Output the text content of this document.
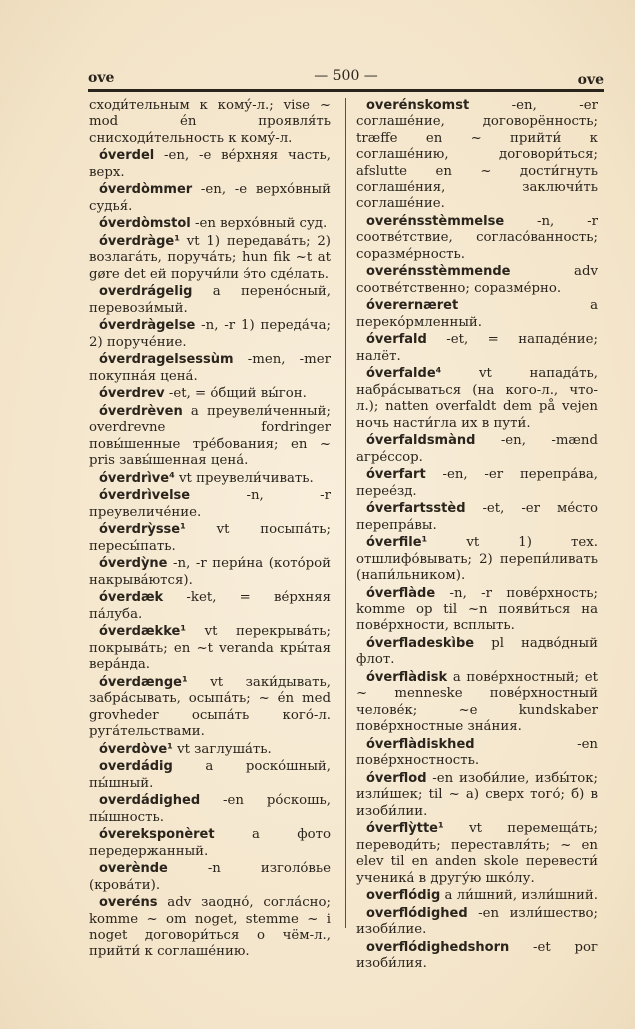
ove	— 500 —	ove

сходи́тельным к кому́-л.; vise ~ mod én проявля́ть снисходи́тельность к кому́-л.

óverdel -en, -e ве́рхняя часть, верх.

óverdòmmer -en, -e верхо́вный судья́.

óverdòmstol -en верхо́вный суд.

óverdràge¹ vt 1) передава́ть; 2) возлага́ть, поруча́ть; hun fik ~t at gøre det ей поручи́ли э́то сде́лать.

overdrágelig a перено́сный, перевози́мый.

óverdràgelse -n, -r 1) переда́ча; 2) поруче́ние.

óverdragelsessùm -men, -mer покупна́я цена́.

óverdrev -et, = о́бщий вы́гон.

óverdrèven a преувели́ченный; overdrevne fordringer повы́шенные тре́бования; en ~ pris завы́шенная цена́.

óverdrìve⁴ vt преувели́чивать.

óverdrìvelse -n, -r преувеличе́ние.

óverdrỳsse¹ vt посыпа́ть; пересы́пать.

óverdỳne -n, -r пери́на (кото́рой накрыва́ются).

óverdæk -ket, = ве́рхняя па́луба.

óverdække¹ vt перекрыва́ть; покрыва́ть; en ~t veranda кры́тая вера́нда.

óverdænge¹ vt заки́дывать, забра́сывать, осыпа́ть; ~ én med grovheder осыпа́ть кого́-л. руга́тельствами.

óverdòve¹ vt заглуша́ть.

overdádig a роско́шный, пы́шный.

overdádighed -en ро́скошь, пы́шность.

óvereksponèret a фото передержанный.

overènde -n изголо́вье (крова́ти).

overéns adv заодно́, согла́сно; komme ~ om noget, stemme ~ i noget договори́ться о чём-л., прийти́ к соглаше́нию.

overénskomst -en, -er соглаше́ние, договорённость; træffe en ~ прийти́ к соглаше́нию, договори́ться; afslutte en ~ дости́гнуть соглаше́ния, заключи́ть соглаше́ние.

overénsstèmmelse -n, -r соотве́тствие, согласо́ванность; соразме́рность.

overénsstèmmende adv соотве́тственно; соразме́рно.

óverernæret a перекóрмленный.

óverfald -et, = нападе́ние; налёт.

óverfalde⁴ vt напада́ть, набра́сываться (на кого-л., что-л.); natten overfaldt dem på vejen ночь насти́гла их в пути́.

óverfaldsmànd -en, -mænd агре́ссор.

óverfart -en, -er перепра́ва, перее́зд.

óverfartsstèd -et, -er ме́сто перепра́вы.

óverfile¹ vt 1) тех. отшлифо́вывать; 2) перепи́ливать (напи́льником).

óverflàde -n, -r пове́рхность; komme op til ~n появи́ться на пове́рхности, всплыть.

óverfladeskìbe pl надво́дный флот.

óverflàdisk a пове́рхностный; et ~ menneske пове́рхностный челове́к; ~e kundskaber пове́рхностные зна́ния.

óverflàdiskhed -en пове́рхностность.

óverflod -en изоби́лие, избы́ток; изли́шек; til ~ а) сверх того́; б) в изоби́лии.

óverflỳtte¹ vt перемеща́ть; переводи́ть; переставля́ть; ~ en elev til en anden skole перевести́ ученика́ в другу́ю шко́лу.

overflódig a ли́шний, изли́шний.

overflódighed -en изли́шество; изоби́лие.

overflódighedshorn -et рог изоби́лия.
